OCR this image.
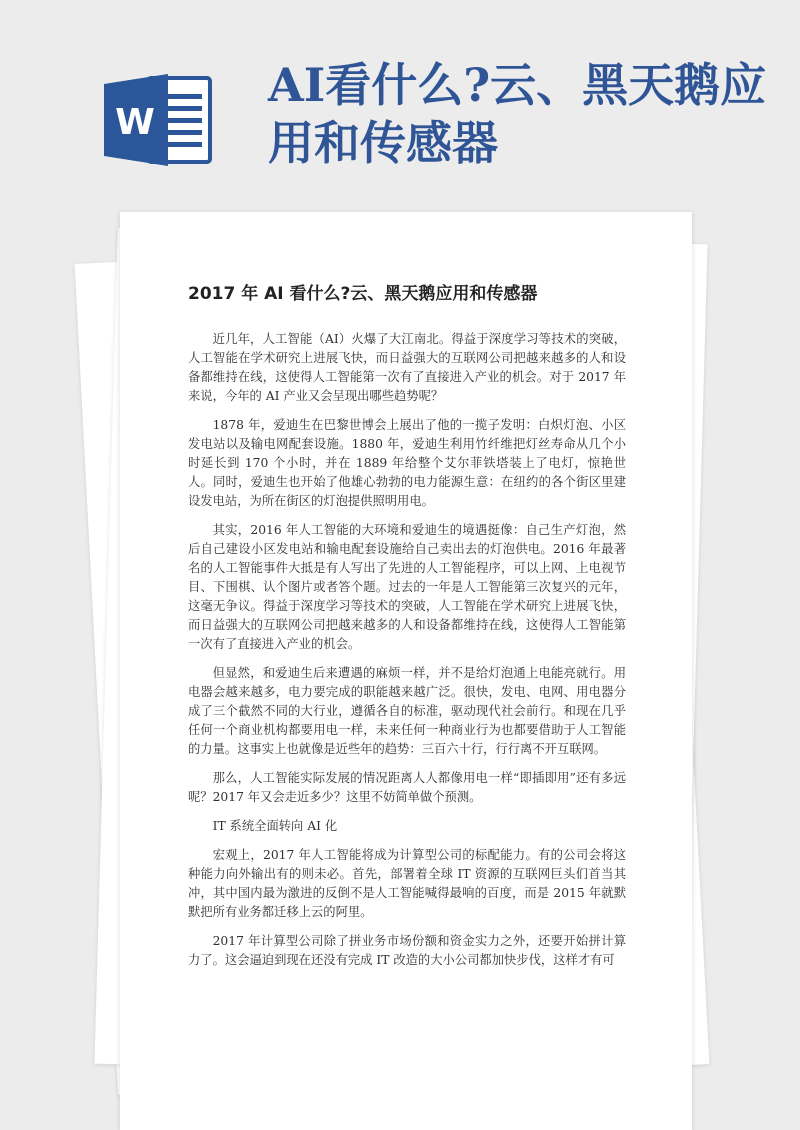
W
AI看什么?云、黑天鹅应用和传感器
2017 年 AI 看什么?云、黑天鹅应用和传感器

近几年，人工智能（AI）火爆了大江南北。得益于深度学习等技术的突破，人工智能在学术研究上进展飞快，而日益强大的互联网公司把越来越多的人和设备都维持在线，这使得人工智能第一次有了直接进入产业的机会。对于 2017 年来说，今年的 AI 产业又会呈现出哪些趋势呢？

1878 年，爱迪生在巴黎世博会上展出了他的一揽子发明：白炽灯泡、小区发电站以及输电网配套设施。1880 年，爱迪生利用竹纤维把灯丝寿命从几个小时延长到 170 个小时，并在 1889 年给整个艾尔菲铁塔装上了电灯，惊艳世人。同时，爱迪生也开始了他雄心勃勃的电力能源生意：在纽约的各个街区里建设发电站，为所在街区的灯泡提供照明用电。

其实，2016 年人工智能的大环境和爱迪生的境遇挺像：自己生产灯泡，然后自己建设小区发电站和输电配套设施给自己卖出去的灯泡供电。2016 年最著名的人工智能事件大抵是有人写出了先进的人工智能程序，可以上网、上电视节目、下围棋、认个图片或者答个题。过去的一年是人工智能第三次复兴的元年，这毫无争议。得益于深度学习等技术的突破，人工智能在学术研究上进展飞快，而日益强大的互联网公司把越来越多的人和设备都维持在线，这使得人工智能第一次有了直接进入产业的机会。

但显然，和爱迪生后来遭遇的麻烦一样，并不是给灯泡通上电能亮就行。用电器会越来越多，电力要完成的职能越来越广泛。很快，发电、电网、用电器分成了三个截然不同的大行业，遵循各自的标准，驱动现代社会前行。和现在几乎任何一个商业机构都要用电一样，未来任何一种商业行为也都要借助于人工智能的力量。这事实上也就像是近些年的趋势：三百六十行，行行离不开互联网。

那么，人工智能实际发展的情况距离人人都像用电一样“即插即用”还有多远呢？2017 年又会走近多少？这里不妨简单做个预测。

IT 系统全面转向 AI 化

宏观上，2017 年人工智能将成为计算型公司的标配能力。有的公司会将这种能力向外输出有的则未必。首先，部署着全球 IT 资源的互联网巨头们首当其冲，其中国内最为激进的反倒不是人工智能喊得最响的百度，而是 2015 年就默默把所有业务都迁移上云的阿里。

2017 年计算型公司除了拼业务市场份额和资金实力之外，还要开始拼计算力了。这会逼迫到现在还没有完成 IT 改造的大小公司都加快步伐，这样才有可
